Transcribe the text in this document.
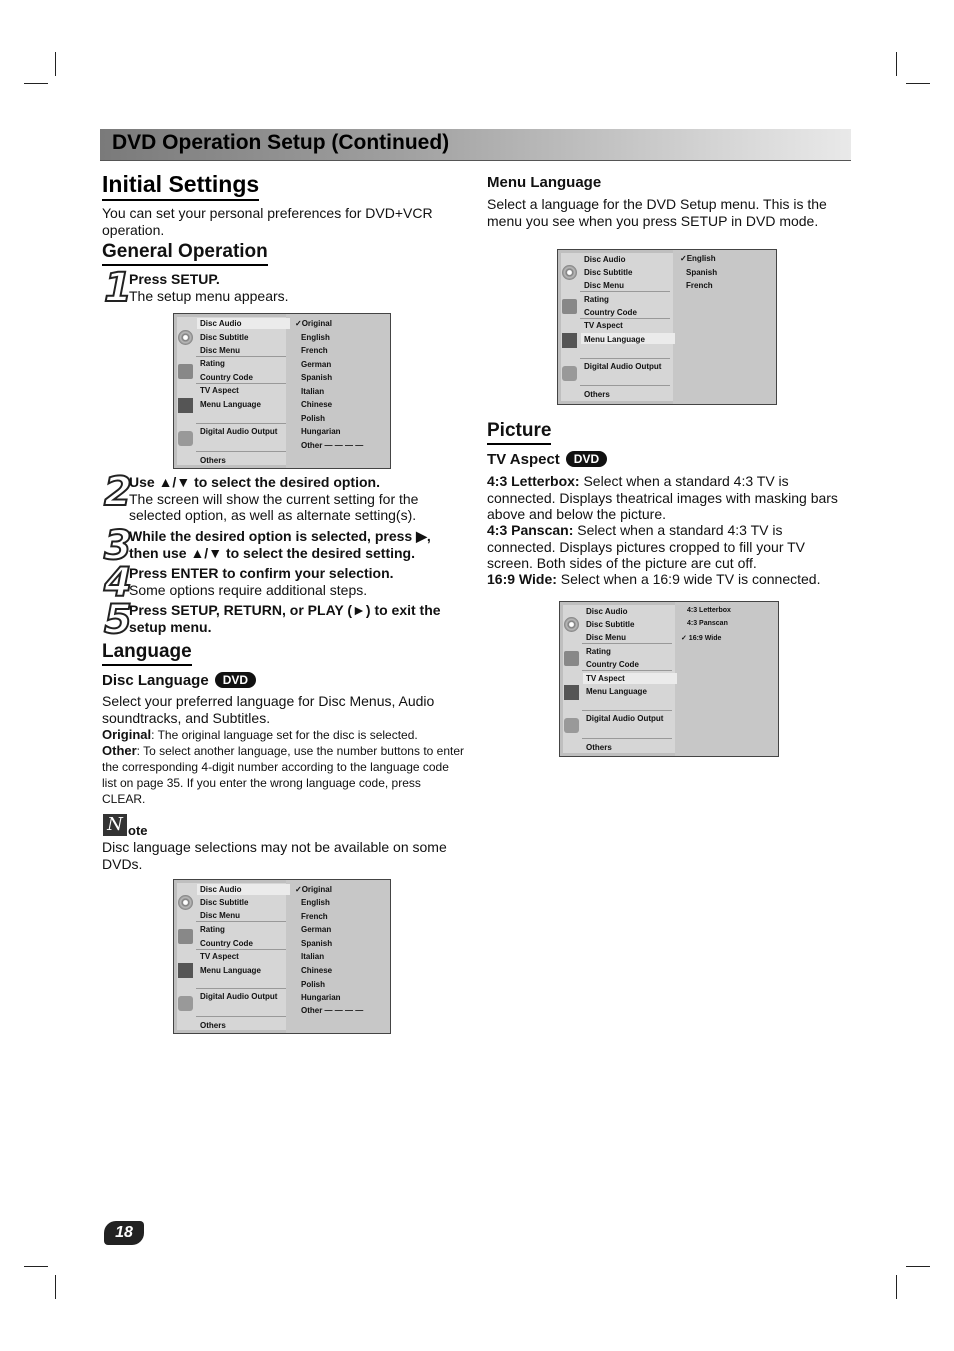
DVD Operation Setup (Continued)
Initial Settings
You can set your personal preferences for DVD+VCR operation.
General Operation
1
Press SETUP.
The setup menu appears.
Disc Audio
Disc Subtitle
Disc Menu
Rating
Country Code
TV Aspect
Menu Language
Digital Audio Output
Others
✓Original
English
French
German
Spanish
Italian
Chinese
Polish
Hungarian
Other — — — —
2
Use ▲/▼ to select the desired option.
The screen will show the current setting for the selected option, as well as alternate setting(s).
3
While the desired option is selected, press ▶, then use ▲/▼ to select the desired setting.
4
Press ENTER to confirm your selection.
Some options require additional steps.
5
Press SETUP, RETURN, or PLAY (►) to exit the setup menu.
Language
Disc Language DVD
Select your preferred language for Disc Menus, Audio soundtracks, and Subtitles.
Original: The original language set for the disc is selected.
Other: To select another language, use the number buttons to enter the corresponding 4-digit number according to the language code list on page 35. If you enter the wrong language code, press CLEAR.
N ote
Disc language selections may not be available on some DVDs.
Disc Audio
Disc Subtitle
Disc Menu
Rating
Country Code
TV Aspect
Menu Language
Digital Audio Output
Others
✓Original
English
French
German
Spanish
Italian
Chinese
Polish
Hungarian
Other — — — —
Menu Language
Select a language for the DVD Setup menu. This is the menu you see when you press SETUP in DVD mode.
Disc Audio
Disc Subtitle
Disc Menu
Rating
Country Code
TV Aspect
Menu Language
Digital Audio Output
Others
✓English
Spanish
French
Picture
TV Aspect DVD
4:3 Letterbox: Select when a standard 4:3 TV is connected. Displays theatrical images with masking bars above and below the picture.
4:3 Panscan: Select when a standard 4:3 TV is connected. Displays pictures cropped to fill your TV screen. Both sides of the picture are cut off.
16:9 Wide: Select when a 16:9 wide TV is connected.
Disc Audio
Disc Subtitle
Disc Menu
Rating
Country Code
TV Aspect
Menu Language
Digital Audio Output
Others
4:3 Letterbox
4:3 Panscan
✓ 16:9 Wide
18
